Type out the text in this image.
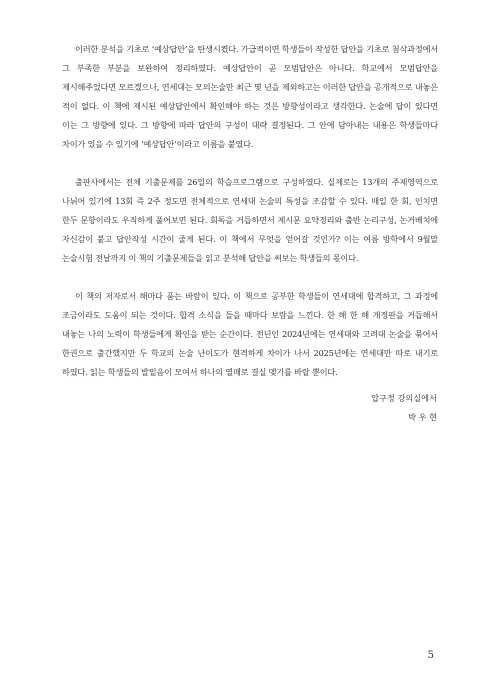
이러한 분석을 기초로 ‘예상답안’을 탄생시켰다. 가급적이면 학생들이 작성한 답안을 기초로 첨삭과정에서 그 부족한 부분을 보완하여 정리하였다. 예상답안이 곧 모범답안은 아니다. 학교에서 모범답안을 제시해주었다면 모르겠으나, 연세대는 모의논술만 최근 몇 년을 제외하고는 이러한 답안을 공개적으로 내놓은 적이 없다. 이 책에 제시된 예상답안에서 확인해야 하는 것은 방향성이라고 생각한다. 논술에 답이 있다면 이는 그 방향에 있다. 그 방향에 따라 답안의 구성이 대략 결정된다. 그 안에 담아내는 내용은 학생들마다 차이가 있을 수 있기에 ‘예상답안’이라고 이름을 붙였다.

출판사에서는 전체 기출문제를 26일의 학습프로그램으로 구성하였다. 실제로는 13개의 주제영역으로 나뉘어 있기에 13회 즉 2주 정도면 전체적으로 연세대 논술의 특성을 조감할 수 있다. 매일 한 회, 인치면 한두 문항이라도 우직하게 풀어보면 된다. 회독을 거듭하면서 제시문 요약정리와 출반 논리구성, 논거배치에 자신감이 붙고 답안작성 시간이 줄게 된다. 이 책에서 무엇을 얻어갈 것인가? 이는 여름 방학에서 9월말 논술시험 전날까지 이 책의 기출문제들을 읽고 분석해 답안을 써보는 학생들의 몫이다.

이 책의 저자로서 해마다 품는 바람이 있다. 이 책으로 공부한 학생들이 연세대에 합격하고, 그 과정에 조금이라도 도움이 되는 것이다. 합격 소식을 들을 때마다 보람을 느낀다. 한 해 한 해 개정판을 거듭해서 내놓는 나의 노력이 학생들에게 확인을 받는 순간이다. 전년인 2024년에는 연세대와 고려대 논술을 묶어서 한권으로 출간했지만 두 학교의 논술 난이도가 현격하게 차이가 나서 2025년에는 연세대만 따로 내기로 하였다. 읽는 학생들의 발밑음이 모여서 하나의 열매로 결실 맺기를 바랄 뿐이다.

압구정 강의실에서
박 우 현
5
